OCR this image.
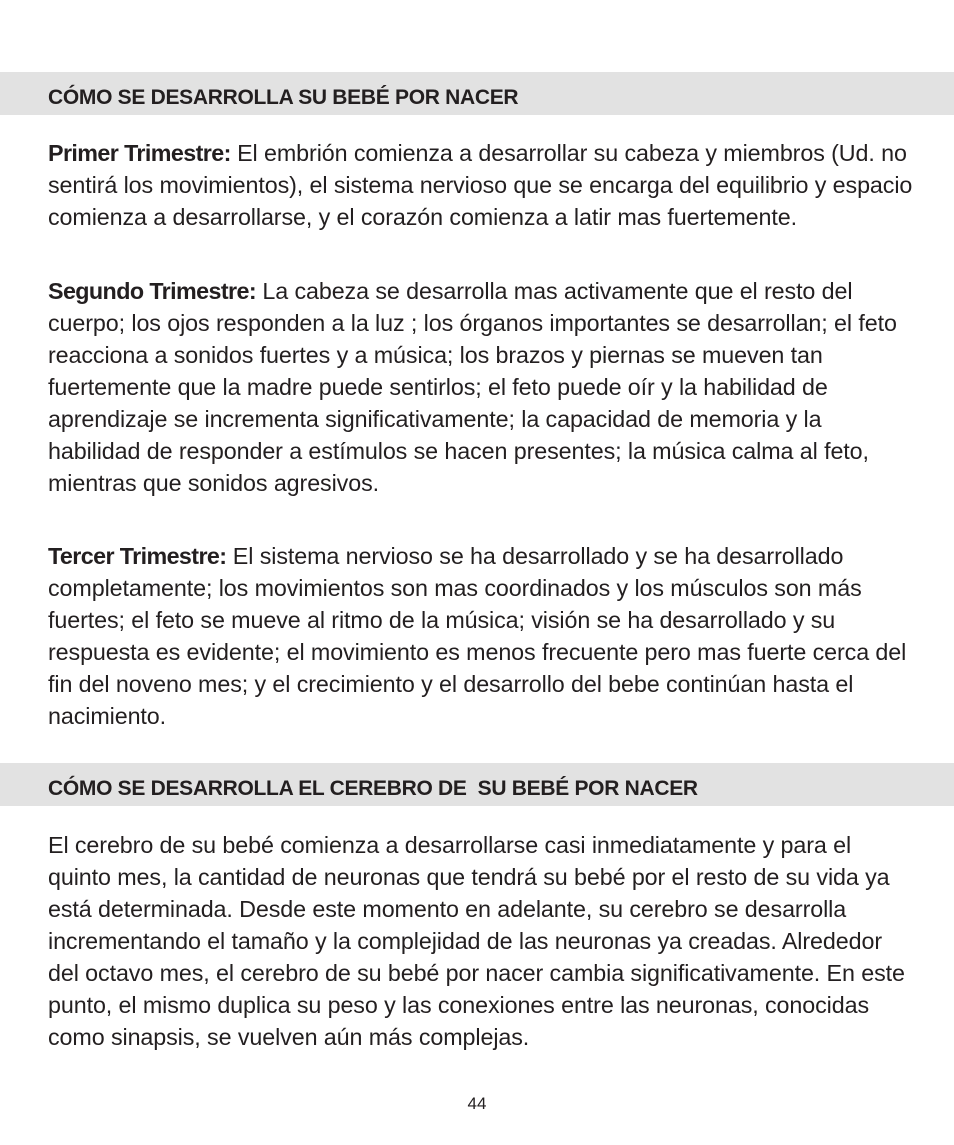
CÓMO SE DESARROLLA SU BEBÉ POR NACER

Primer Trimestre: El embrión comienza a desarrollar su cabeza y miembros (Ud. no sentirá los movimientos), el sistema nervioso que se encarga del equilibrio y espacio comienza a desarrollarse, y el corazón comienza a latir mas fuertemente.

Segundo Trimestre: La cabeza se desarrolla mas activamente que el resto del cuerpo; los ojos responden a la luz ; los órganos importantes se desarrollan; el feto reacciona a sonidos fuertes y a música; los brazos y piernas se mueven tan fuertemente que la madre puede sentirlos; el feto puede oír y la habilidad de aprendizaje se incrementa significativamente; la capacidad de memoria y la habilidad de responder a estímulos se hacen presentes; la música calma al feto, mientras que sonidos agresivos.

Tercer Trimestre: El sistema nervioso se ha desarrollado y se ha desarrollado completamente; los movimientos son mas coordinados y los músculos son más fuertes; el feto se mueve al ritmo de la música; visión se ha desarrollado y su respuesta es evidente; el movimiento es menos frecuente pero mas fuerte cerca del fin del noveno mes; y el crecimiento y el desarrollo del bebe continúan hasta el nacimiento.

CÓMO SE DESARROLLA EL CEREBRO DE  SU BEBÉ POR NACER

El cerebro de su bebé comienza a desarrollarse casi inmediatamente y para el quinto mes, la cantidad de neuronas que tendrá su bebé por el resto de su vida ya está determinada. Desde este momento en adelante, su cerebro se desarrolla incrementando el tamaño y la complejidad de las neuronas ya creadas. Alrededor del octavo mes, el cerebro de su bebé por nacer cambia significativamente. En este punto, el mismo duplica su peso y las conexiones entre las neuronas, conocidas como sinapsis, se vuelven aún más complejas.

44
